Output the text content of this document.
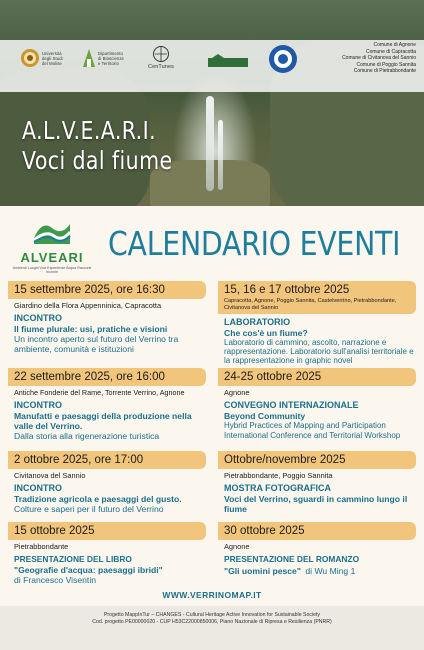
Università
degli Studi
del Molise
Dipartimento
di Bioscienze
e Territorio
CenTunes
Comune di Agnone
Comune di Capracotta
Comune di Civitanova del Sannio
Comune di Poggio Sannita
Comune di Pietrabbondante
A.L.V.E.A.R.I.
Voci dal fiume
ALVEARI
Ambienti Luoghi Voci Esperienze Acqua Racconti Incontri
CALENDARIO EVENTI
15 settembre 2025, ore 16:30
Giardino della Flora Appenninica, Capracotta
INCONTRO
Il fiume plurale: usi, pratiche e visioni
Un incontro aperto sul futuro del Verrino tra ambiente, comunità e istituzioni
15, 16 e 17 ottobre 2025
Capracotta, Agnone, Poggio Sannita, Castelverrino, Pietrabbondante, Civitanova del Sannio
LABORATORIO
Che cos'è un fiume?
Laboratorio di cammino, ascolto, narrazione e rappresentazione. Laboratorio sull'analisi territoriale e la rappresentazione in graphic novel
22 settembre 2025, ore 16:00
Antiche Fonderie del Rame, Torrente Verrino, Agnone
INCONTRO
Manufatti e paesaggi della produzione nella valle del Verrino.
Dalla storia alla rigenerazione turistica
24-25 ottobre 2025
Agnone
CONVEGNO INTERNAZIONALE
Beyond Community
Hybrid Practices of Mapping and Participation International Conference and Territorial Workshop
2 ottobre 2025, ore 17:00
Civitanova del Sannio
INCONTRO
Tradizione agricola e paesaggi del gusto.
Colture e saperi per il futuro del Verrino
Ottobre/novembre 2025
Pietrabbondante, Poggio Sannita
MOSTRA FOTOGRAFICA
Voci del Verrino, sguardi in cammino lungo il fiume
15 ottobre 2025
Pietrabbondante
PRESENTAZIONE DEL LIBRO
"Geografie d'acqua: paesaggi ibridi"
di Francesco Visentin
30 ottobre 2025
Agnone
PRESENTAZIONE DEL ROMANZO
"Gli uomini pesce" di Wu Ming 1
WWW.VERRINOMAP.IT
Progetto MappInTur – CHANGES - Cultural Heritage Active Innovation for Sustainable Society
Cod. progetto PE00000020 - CUP H53C22000850006, Piano Nazionale di Ripresa e Resilienza (PNRR)
